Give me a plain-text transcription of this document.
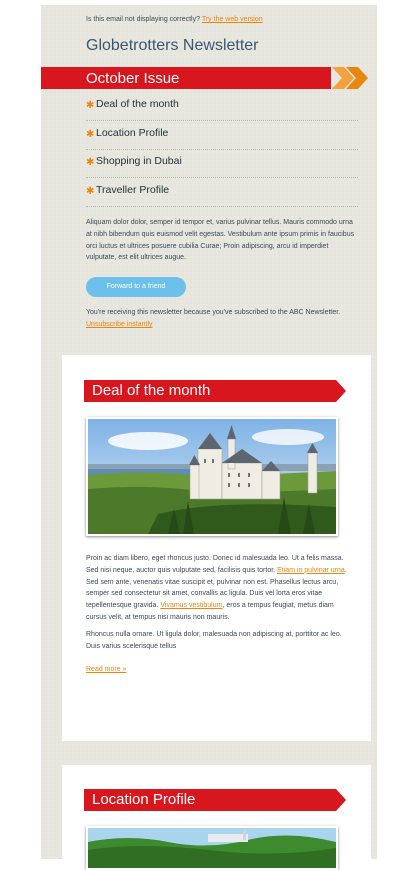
Is this email not displaying correctly? Try the web version
Globetrotters Newsletter
October Issue
✱ Deal of the month
✱ Location Profile
✱ Shopping in Dubai
✱ Traveller Profile
Aliquam dolor dolor, semper id tempor et, varius pulvinar tellus. Mauris commodo urna at nibh bibendum quis euismod velit egestas. Vestibulum ante ipsum primis in faucibus orci luctus et ultrices posuere cubilia Curae; Proin adipiscing, arcu id imperdiet vulputate, est elit ultrices augue.
Forward to a friend
You're receiving this newsletter because you've subscribed to the ABC Newsletter.
Unsubscribe instantly
Deal of the month

Proin ac diam libero, eget rhoncus justo. Donec id malesuada leo. Ut a felis massa. Sed nisi neque, auctor quis vulputate sed, facilisis quis tortor. Etiam in pulvinar urna. Sed sem ante, venenatis vitae suscipit et, pulvinar non est. Phasellus lectus arcu, semper sed consectetur sit amet, convallis ac ligula. Duis vel lorta eros vitae tepellentesque gravida. Vivamus vestibulum, eros a tempus feugiat, metus diam cursus velit, at tempus nisi mauris non mauris.

Rhoncus nulla ornare. Ut ligula dolor, malesuada non adipiscing at, porttitor ac leo. Duis varius scelerisque tellus

Read more »

Location Profile
